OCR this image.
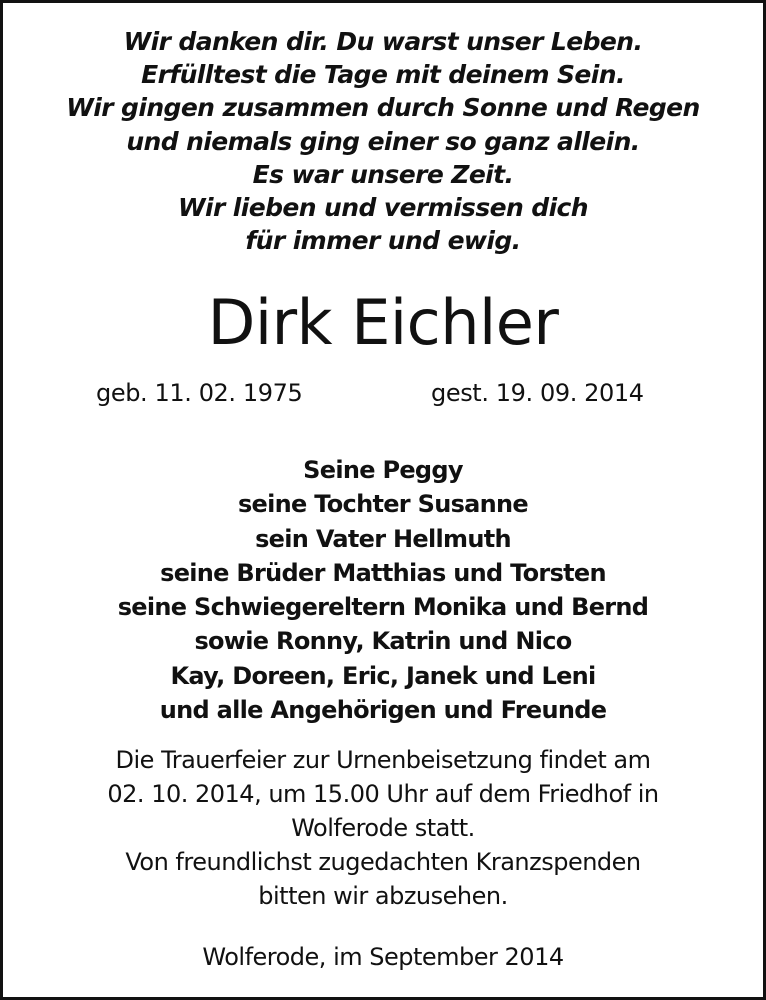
Wir danken dir. Du warst unser Leben.
Erfülltest die Tage mit deinem Sein.
Wir gingen zusammen durch Sonne und Regen
und niemals ging einer so ganz allein.
Es war unsere Zeit.
Wir lieben und vermissen dich
für immer und ewig.
Dirk Eichler
geb. 11. 02. 1975	gest. 19. 09. 2014
Seine Peggy
seine Tochter Susanne
sein Vater Hellmuth
seine Brüder Matthias und Torsten
seine Schwiegereltern Monika und Bernd
sowie Ronny, Katrin und Nico
Kay, Doreen, Eric, Janek und Leni
und alle Angehörigen und Freunde
Die Trauerfeier zur Urnenbeisetzung findet am
02. 10. 2014, um 15.00 Uhr auf dem Friedhof in
Wolferode statt.
Von freundlichst zugedachten Kranzspenden
bitten wir abzusehen.
Wolferode, im September 2014
